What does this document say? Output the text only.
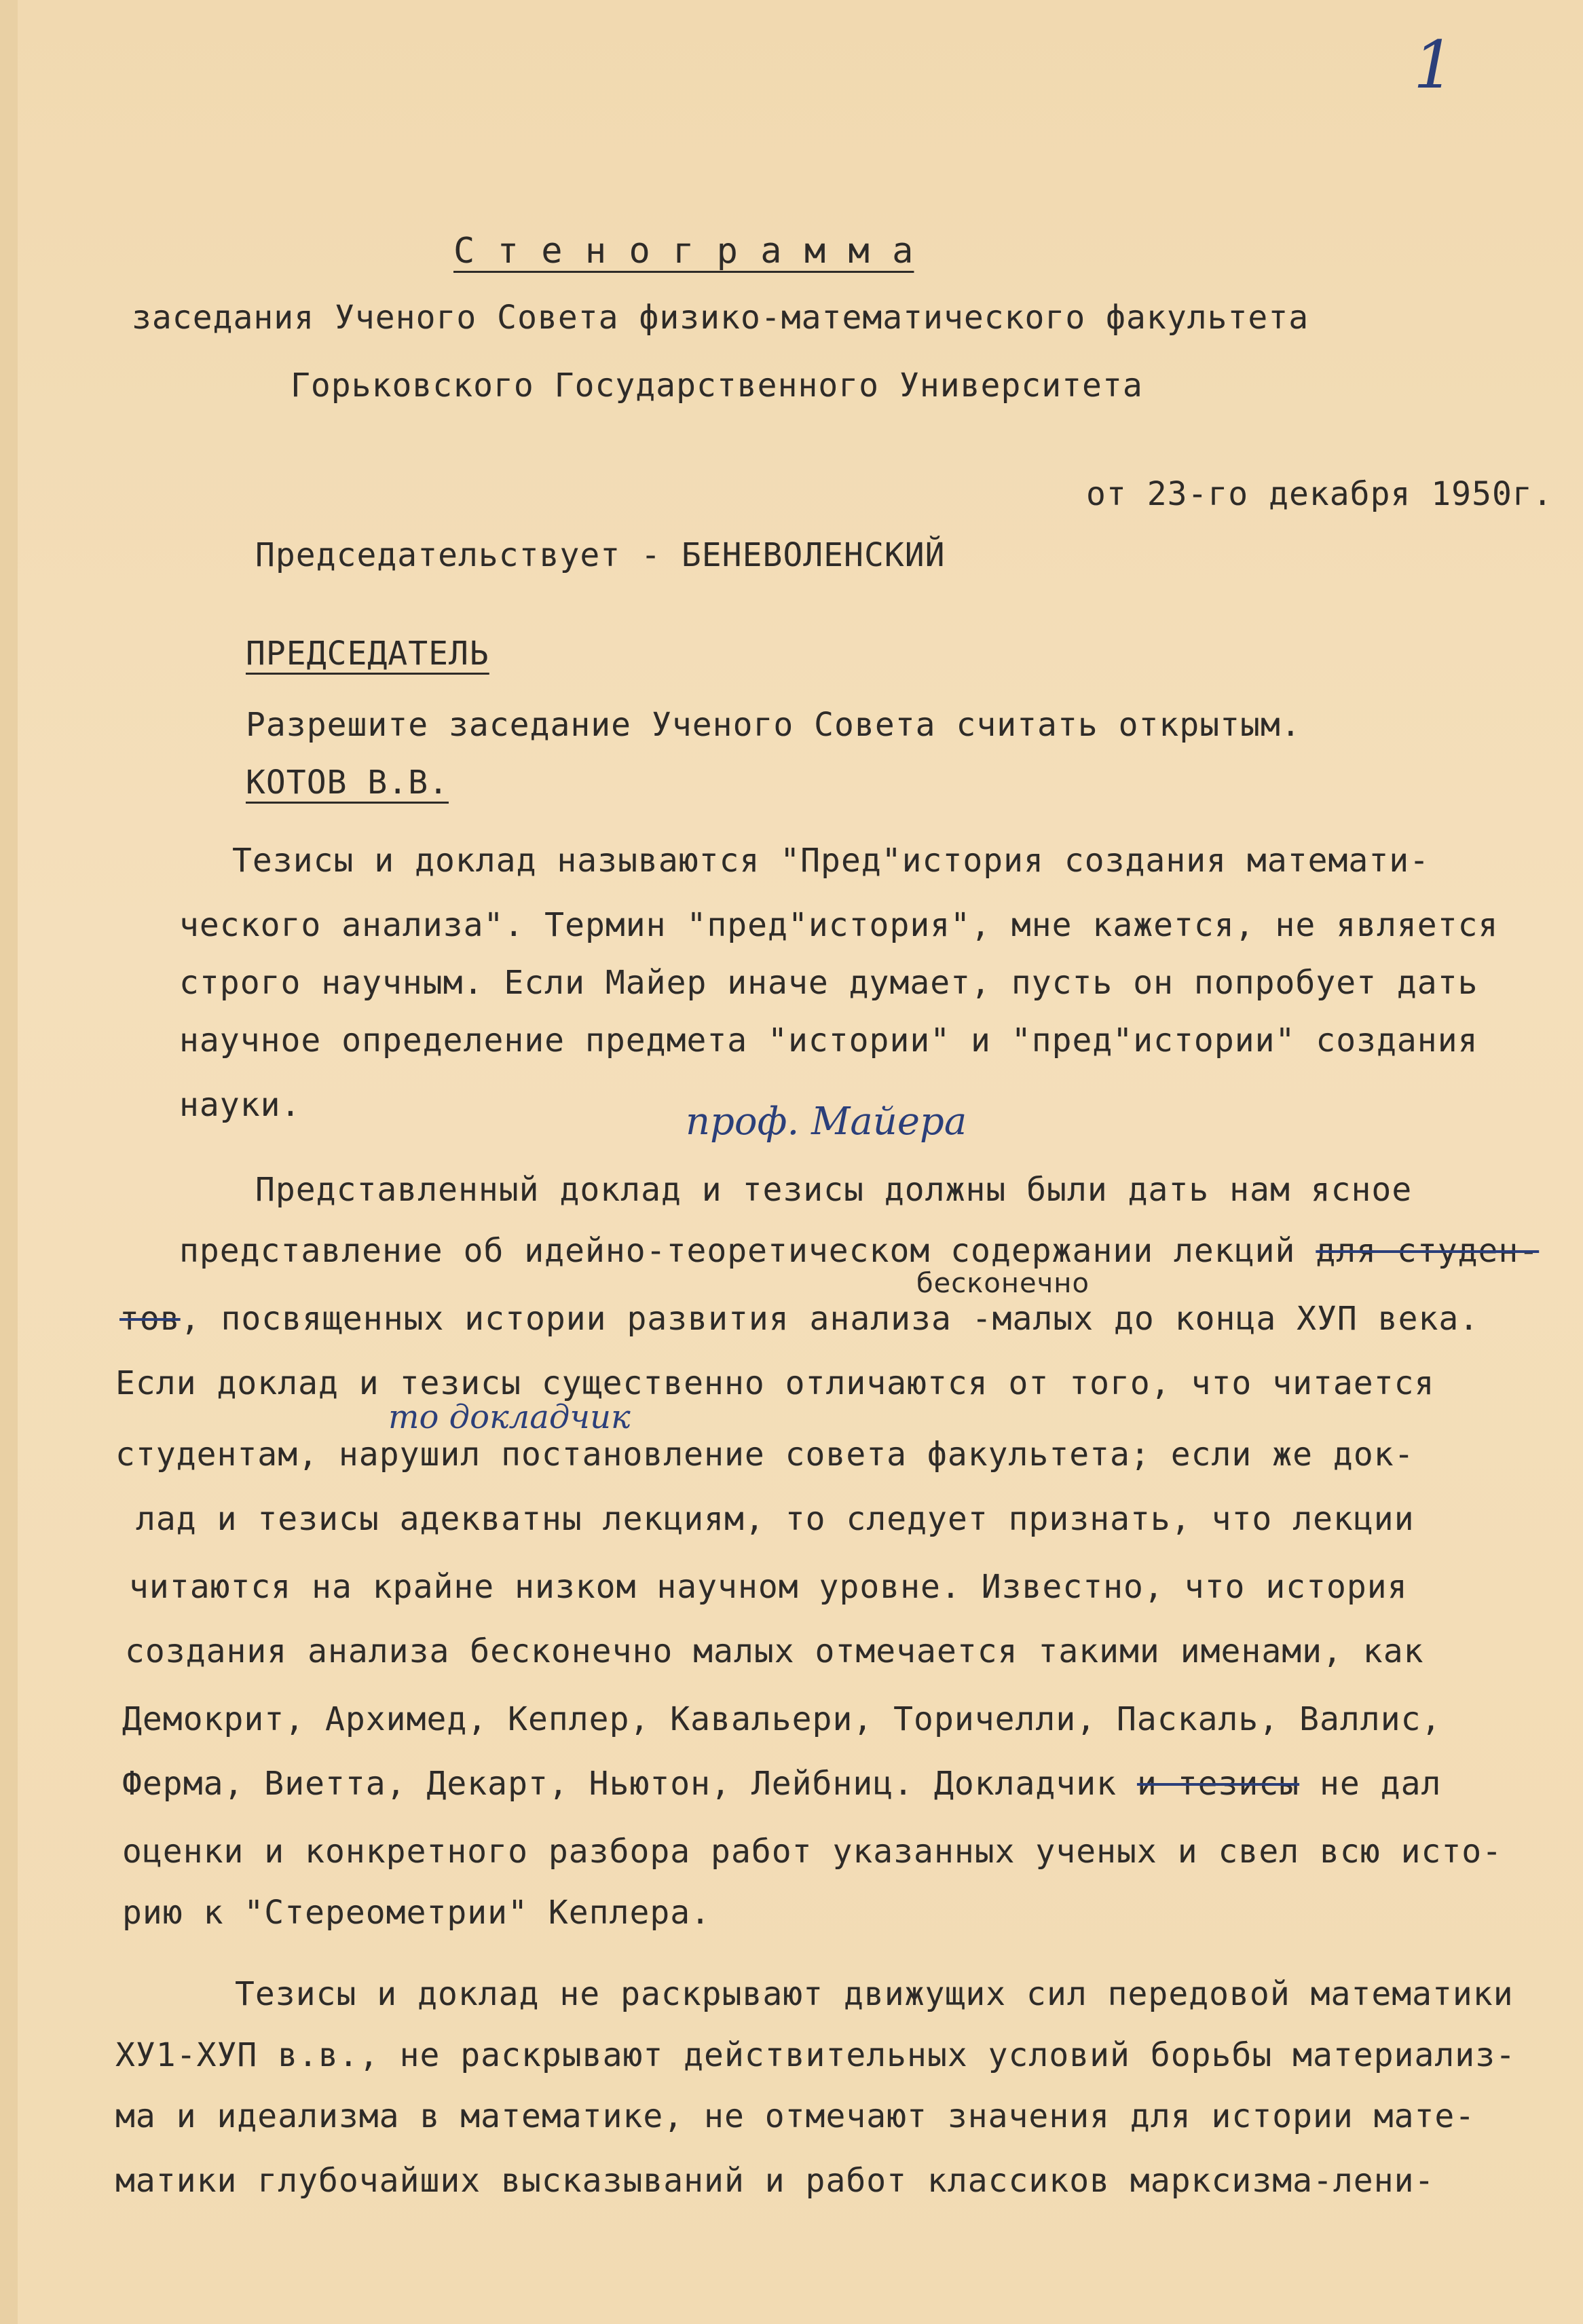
1
С т е н о г р а м м а
заседания Ученого Совета физико-математического факультета
Горьковского Государственного Университета
от 23-го декабря 1950г.
Председательствует - БЕНЕВОЛЕНСКИЙ
ПРЕДСЕДАТЕЛЬ
Разрешите заседание Ученого Совета считать открытым.
КОТОВ В.В.
Тезисы и доклад называются "Пред"история создания математи-
ческого анализа". Термин "пред"история", мне кажется, не является
строго научным. Если Майер иначе думает, пусть он попробует дать
научное определение предмета "истории" и "пред"истории" создания
науки.	проф. Майера
Представленный доклад и тезисы должны были дать нам ясное
представление об идейно-теоретическом содержании лекций для студен-
бесконечно
тов, посвященных истории развития анализа -малых до конца ХУП века.
Если доклад и тезисы существенно отличаются от того, что читается
то докладчик
студентам, нарушил постановление совета факультета; если же док-
лад и тезисы адекватны лекциям, то следует признать, что лекции
читаются на крайне низком научном уровне. Известно, что история
создания анализа бесконечно малых отмечается такими именами, как
Демокрит, Архимед, Кеплер, Кавальери, Торичелли, Паскаль, Валлис,
Ферма, Виетта, Декарт, Ньютон, Лейбниц. Докладчик и тезисы не дал
оценки и конкретного разбора работ указанных ученых и свел всю исто-
рию к "Стереометрии" Кеплера.
Тезисы и доклад не раскрывают движущих сил передовой математики
ХУ1-ХУП в.в., не раскрывают действительных условий борьбы материализ-
ма и идеализма в математике, не отмечают значения для истории мате-
матики глубочайших высказываний и работ классиков марксизма-лени-
